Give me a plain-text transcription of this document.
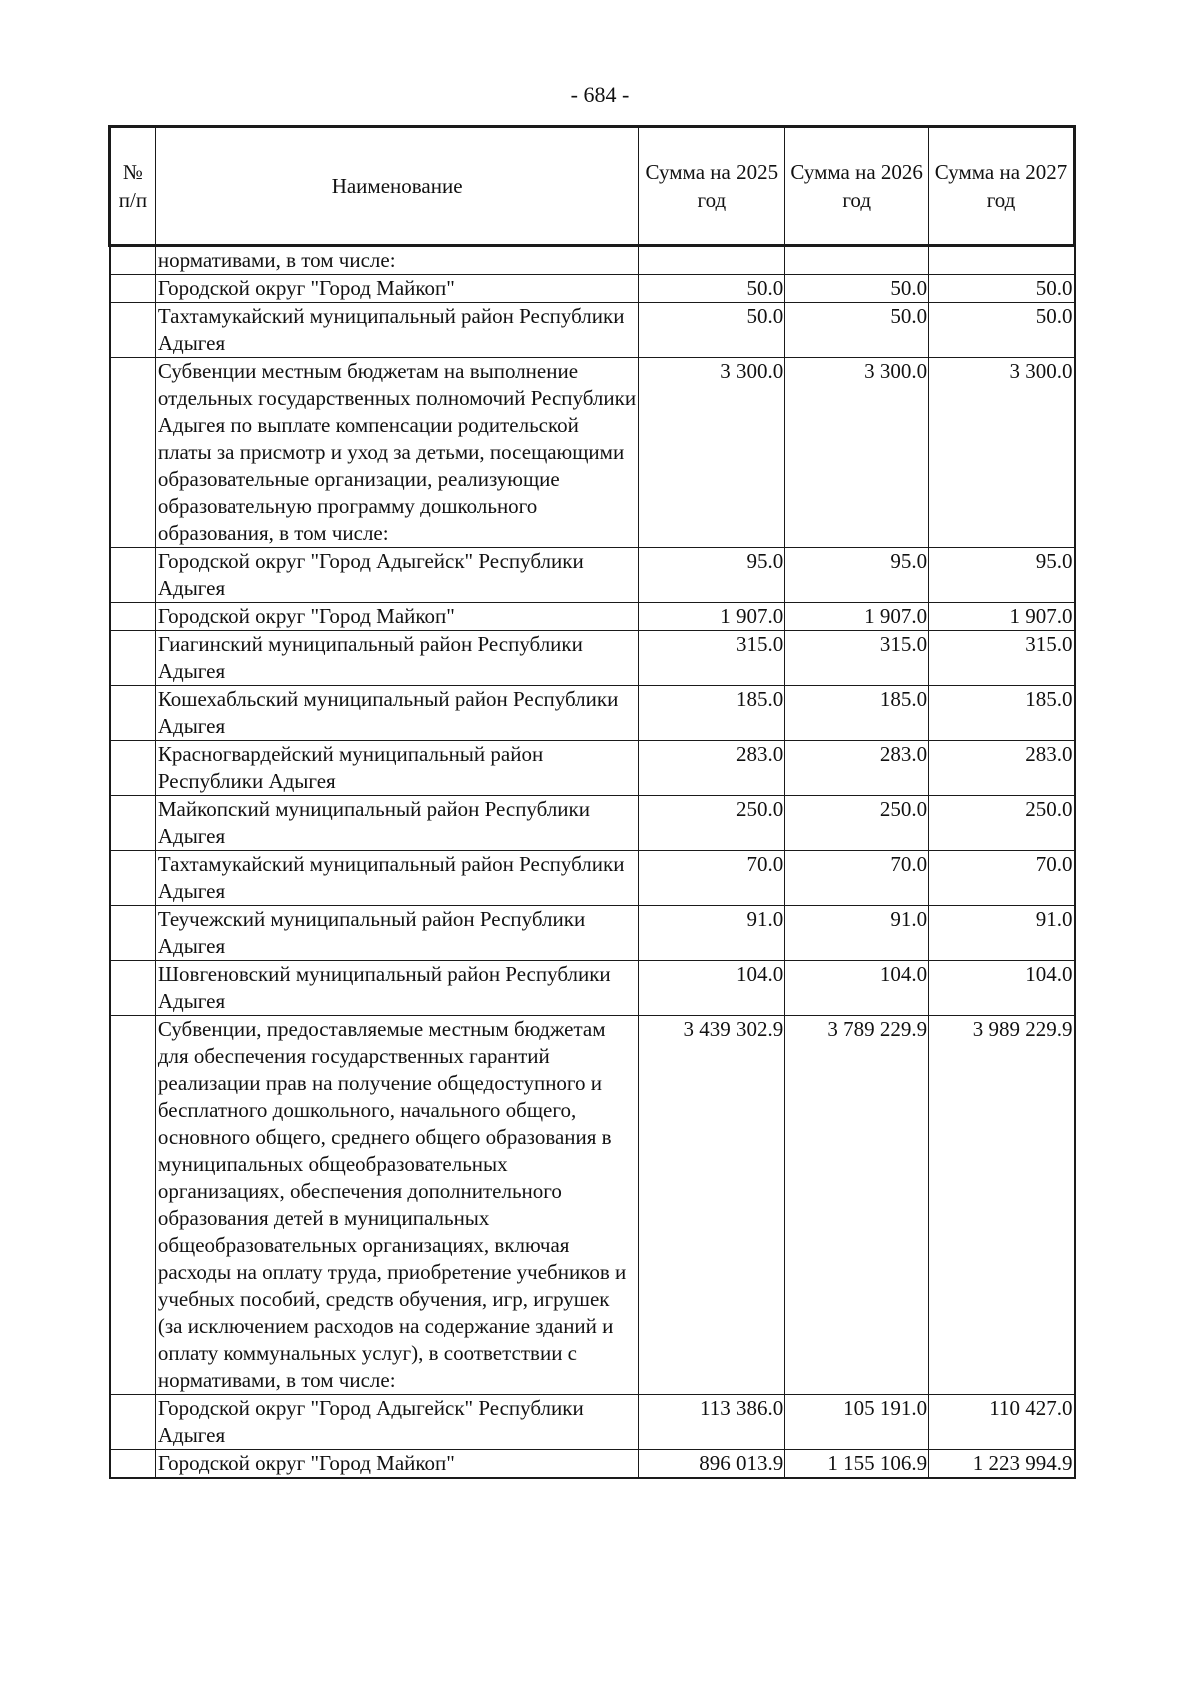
- 684 -
№ п/п	Наименование	Сумма на 2025 год	Сумма на 2026 год	Сумма на 2027 год
	нормативами, в том числе:			
	Городской округ "Город Майкоп"	50.0	50.0	50.0
	Тахтамукайский муниципальный район Республики Адыгея	50.0	50.0	50.0
	Субвенции местным бюджетам на выполнение отдельных государственных полномочий Республики Адыгея по выплате компенсации родительской платы за присмотр и уход за детьми, посещающими образовательные организации, реализующие образовательную программу дошкольного образования, в том числе:	3 300.0	3 300.0	3 300.0
	Городской округ "Город Адыгейск" Республики Адыгея	95.0	95.0	95.0
	Городской округ "Город Майкоп"	1 907.0	1 907.0	1 907.0
	Гиагинский муниципальный район Республики Адыгея	315.0	315.0	315.0
	Кошехабльский муниципальный район Республики Адыгея	185.0	185.0	185.0
	Красногвардейский муниципальный район Республики Адыгея	283.0	283.0	283.0
	Майкопский муниципальный район Республики Адыгея	250.0	250.0	250.0
	Тахтамукайский муниципальный район Республики Адыгея	70.0	70.0	70.0
	Теучежский муниципальный район Республики Адыгея	91.0	91.0	91.0
	Шовгеновский муниципальный район Республики Адыгея	104.0	104.0	104.0
	Субвенции, предоставляемые местным бюджетам для обеспечения государственных гарантий реализации прав на получение общедоступного и бесплатного дошкольного, начального общего, основного общего, среднего общего образования в муниципальных общеобразовательных организациях, обеспечения дополнительного образования детей в муниципальных общеобразовательных организациях, включая расходы на оплату труда, приобретение учебников и учебных пособий, средств обучения, игр, игрушек (за исключением расходов на содержание зданий и оплату коммунальных услуг), в соответствии с нормативами, в том числе:	3 439 302.9	3 789 229.9	3 989 229.9
	Городской округ "Город Адыгейск" Республики Адыгея	113 386.0	105 191.0	110 427.0
	Городской округ "Город Майкоп"	896 013.9	1 155 106.9	1 223 994.9
